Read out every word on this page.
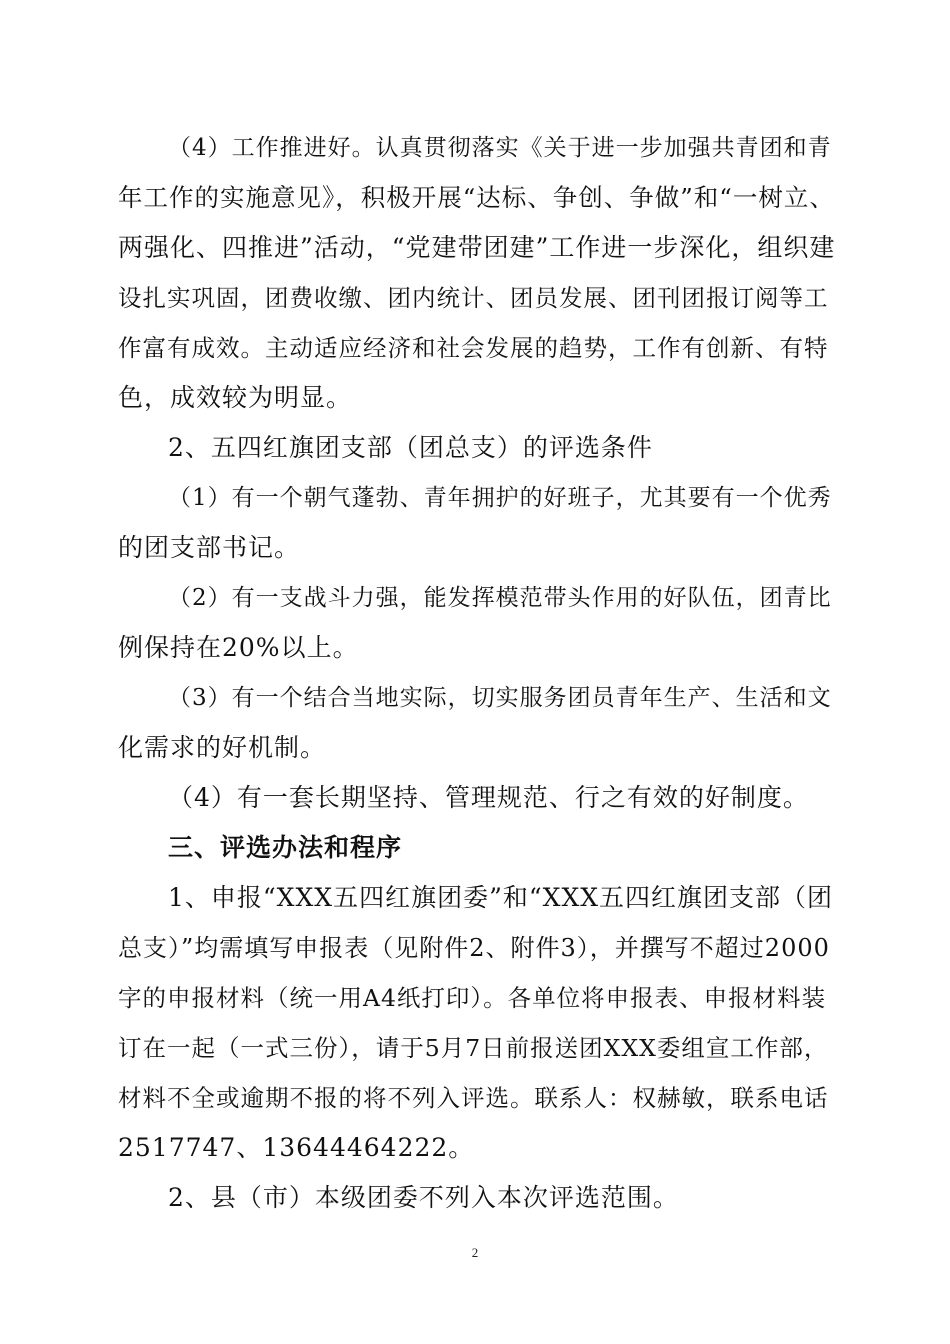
（4）工作推进好。认真贯彻落实《关于进一步加强共青团和青
年工作的实施意见》，积极开展“达标、争创、争做”和“一树立、
两强化、四推进”活动，“党建带团建”工作进一步深化，组织建
设扎实巩固，团费收缴、团内统计、团员发展、团刊团报订阅等工
作富有成效。主动适应经济和社会发展的趋势，工作有创新、有特
色，成效较为明显。
2、五四红旗团支部（团总支）的评选条件
（1）有一个朝气蓬勃、青年拥护的好班子，尤其要有一个优秀
的团支部书记。
（2）有一支战斗力强，能发挥模范带头作用的好队伍，团青比
例保持在20%以上。
（3）有一个结合当地实际，切实服务团员青年生产、生活和文
化需求的好机制。
（4）有一套长期坚持、管理规范、行之有效的好制度。
三、评选办法和程序
1、申报“XXX五四红旗团委”和“XXX五四红旗团支部（团
总支）”均需填写申报表（见附件2、附件3），并撰写不超过2000
字的申报材料（统一用A4纸打印）。各单位将申报表、申报材料装
订在一起（一式三份），请于5月7日前报送团XXX委组宣工作部，
材料不全或逾期不报的将不列入评选。联系人：权赫敏，联系电话
2517747、13644464222。
2、县（市）本级团委不列入本次评选范围。
2
